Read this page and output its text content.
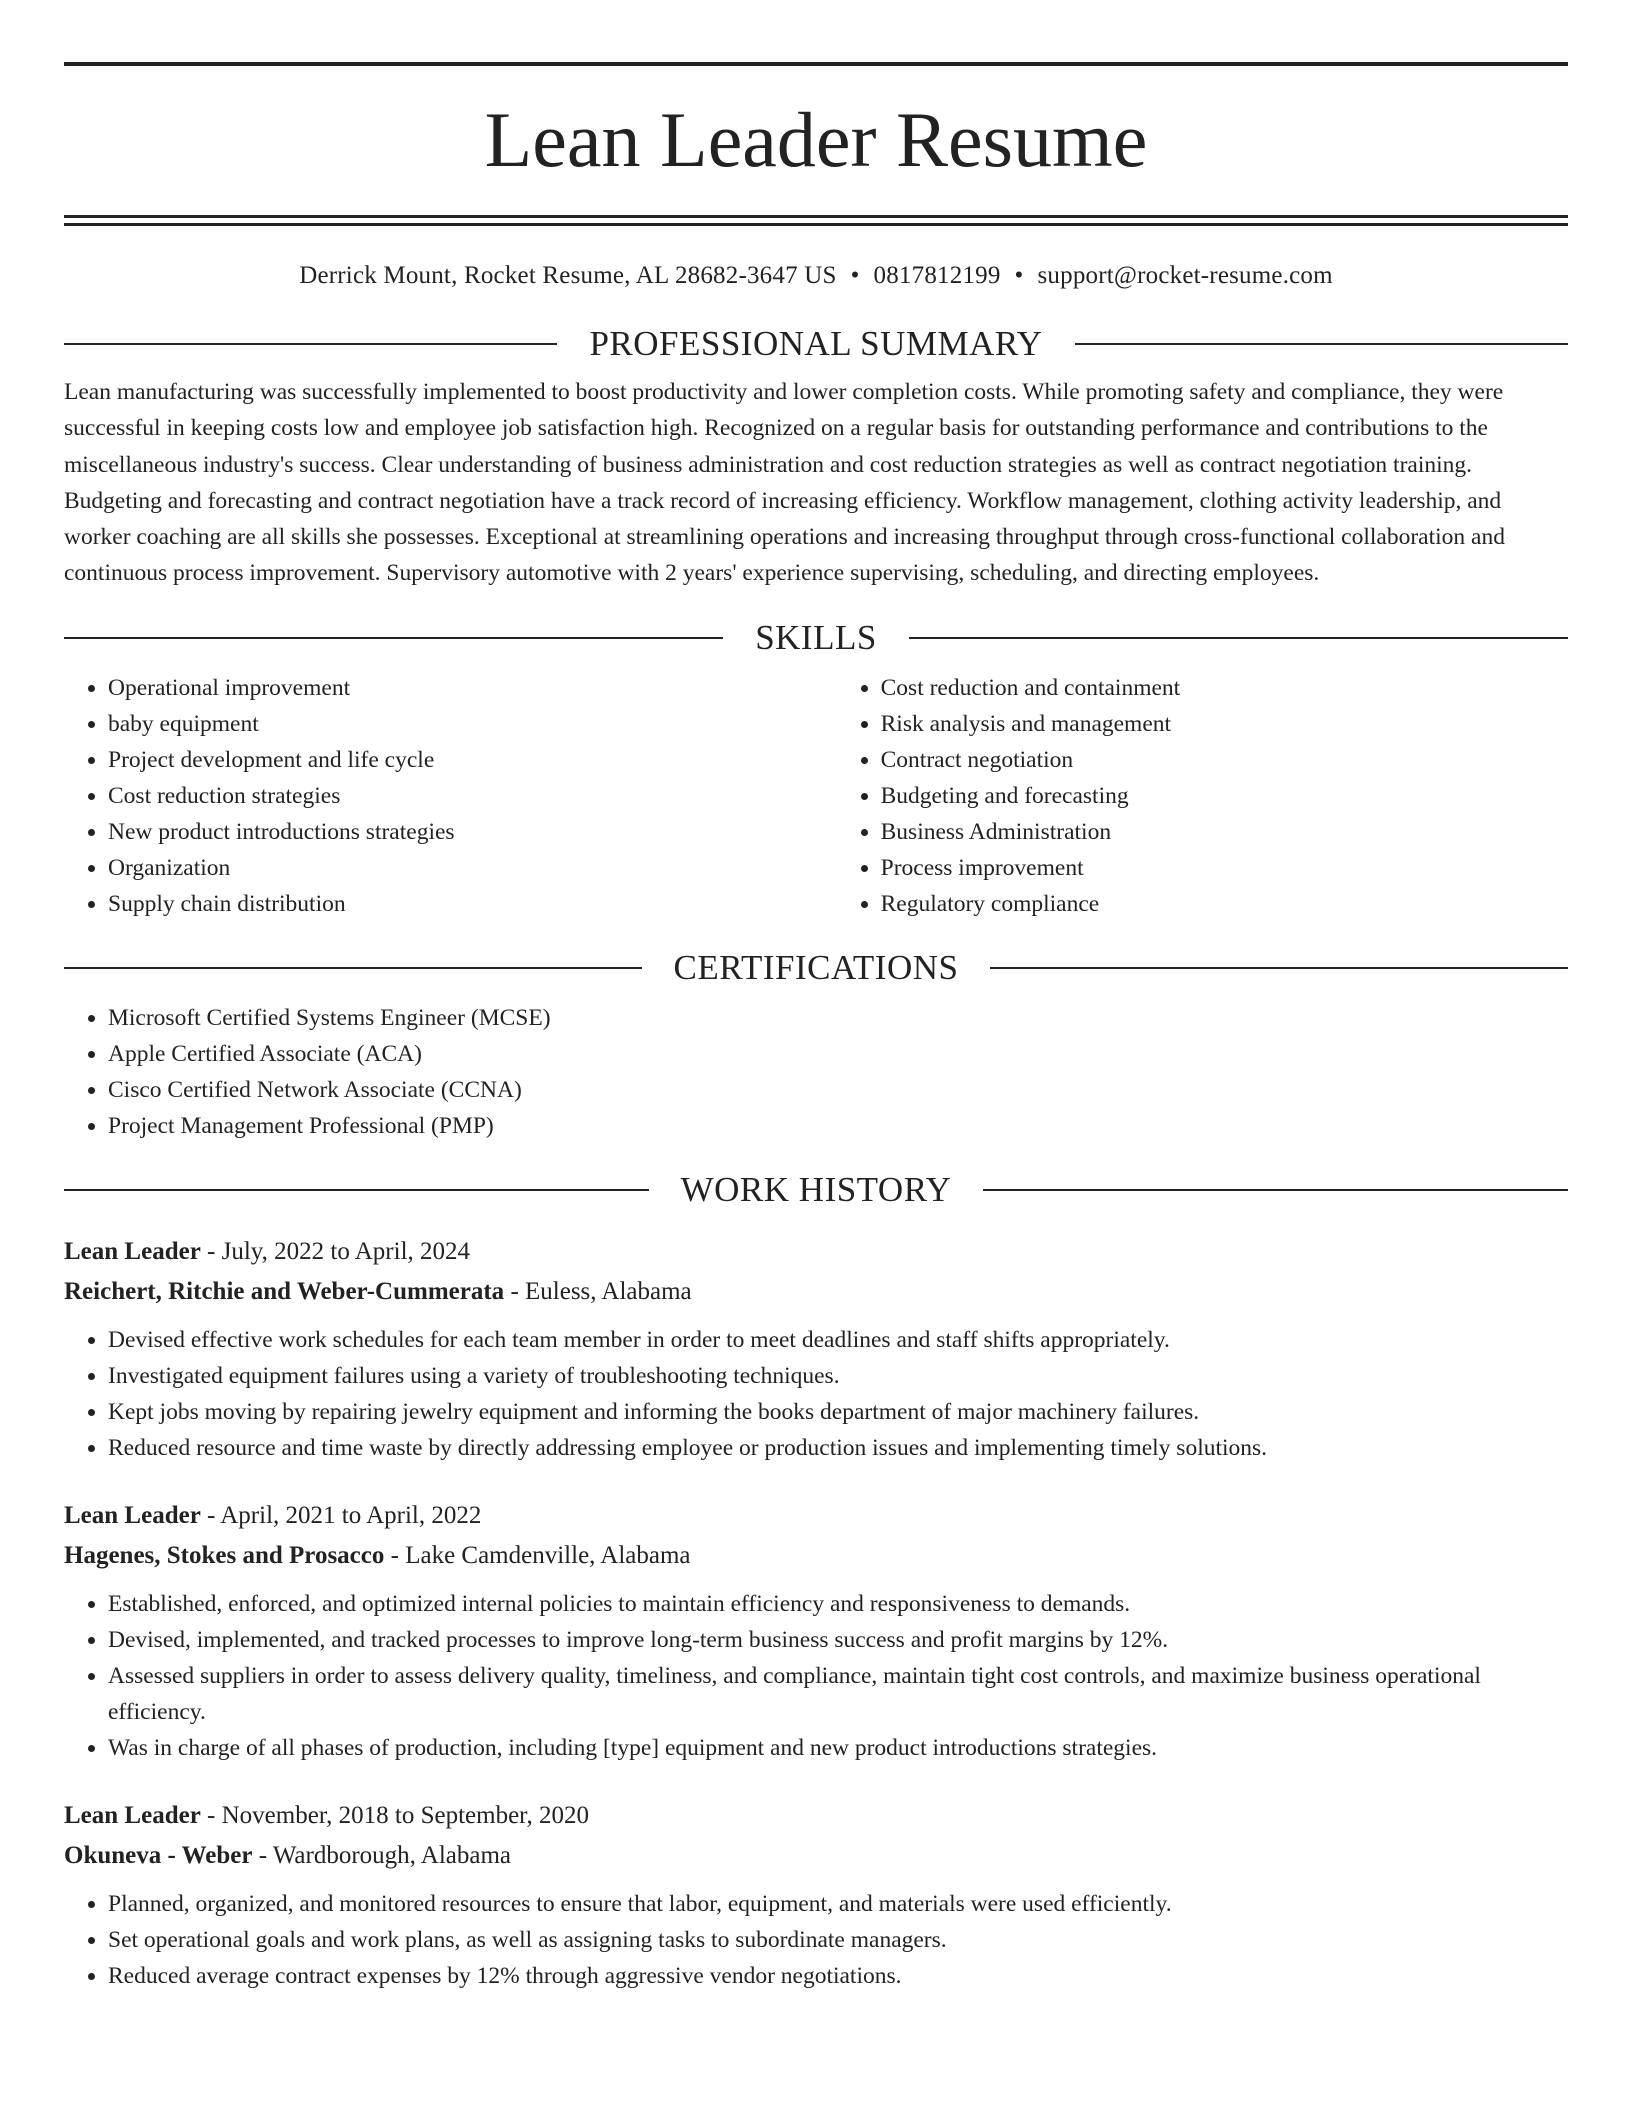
Lean Leader Resume
Derrick Mount, Rocket Resume, AL 28682-3647 US • 0817812199 • support@rocket-resume.com
PROFESSIONAL SUMMARY

Lean manufacturing was successfully implemented to boost productivity and lower completion costs. While promoting safety and compliance, they were successful in keeping costs low and employee job satisfaction high. Recognized on a regular basis for outstanding performance and contributions to the miscellaneous industry's success. Clear understanding of business administration and cost reduction strategies as well as contract negotiation training. Budgeting and forecasting and contract negotiation have a track record of increasing efficiency. Workflow management, clothing activity leadership, and worker coaching are all skills she possesses. Exceptional at streamlining operations and increasing throughput through cross-functional collaboration and continuous process improvement. Supervisory automotive with 2 years' experience supervising, scheduling, and directing employees.

SKILLS
• Operational improvement
• baby equipment
• Project development and life cycle
• Cost reduction strategies
• New product introductions strategies
• Organization
• Supply chain distribution
• Cost reduction and containment
• Risk analysis and management
• Contract negotiation
• Budgeting and forecasting
• Business Administration
• Process improvement
• Regulatory compliance
CERTIFICATIONS
• Microsoft Certified Systems Engineer (MCSE)
• Apple Certified Associate (ACA)
• Cisco Certified Network Associate (CCNA)
• Project Management Professional (PMP)
WORK HISTORY
Lean Leader - July, 2022 to April, 2024
Reichert, Ritchie and Weber-Cummerata - Euless, Alabama
• Devised effective work schedules for each team member in order to meet deadlines and staff shifts appropriately.
• Investigated equipment failures using a variety of troubleshooting techniques.
• Kept jobs moving by repairing jewelry equipment and informing the books department of major machinery failures.
• Reduced resource and time waste by directly addressing employee or production issues and implementing timely solutions.
Lean Leader - April, 2021 to April, 2022
Hagenes, Stokes and Prosacco - Lake Camdenville, Alabama
• Established, enforced, and optimized internal policies to maintain efficiency and responsiveness to demands.
• Devised, implemented, and tracked processes to improve long-term business success and profit margins by 12%.
• Assessed suppliers in order to assess delivery quality, timeliness, and compliance, maintain tight cost controls, and maximize business operational efficiency.
• Was in charge of all phases of production, including [type] equipment and new product introductions strategies.
Lean Leader - November, 2018 to September, 2020
Okuneva - Weber - Wardborough, Alabama
• Planned, organized, and monitored resources to ensure that labor, equipment, and materials were used efficiently.
• Set operational goals and work plans, as well as assigning tasks to subordinate managers.
• Reduced average contract expenses by 12% through aggressive vendor negotiations.
